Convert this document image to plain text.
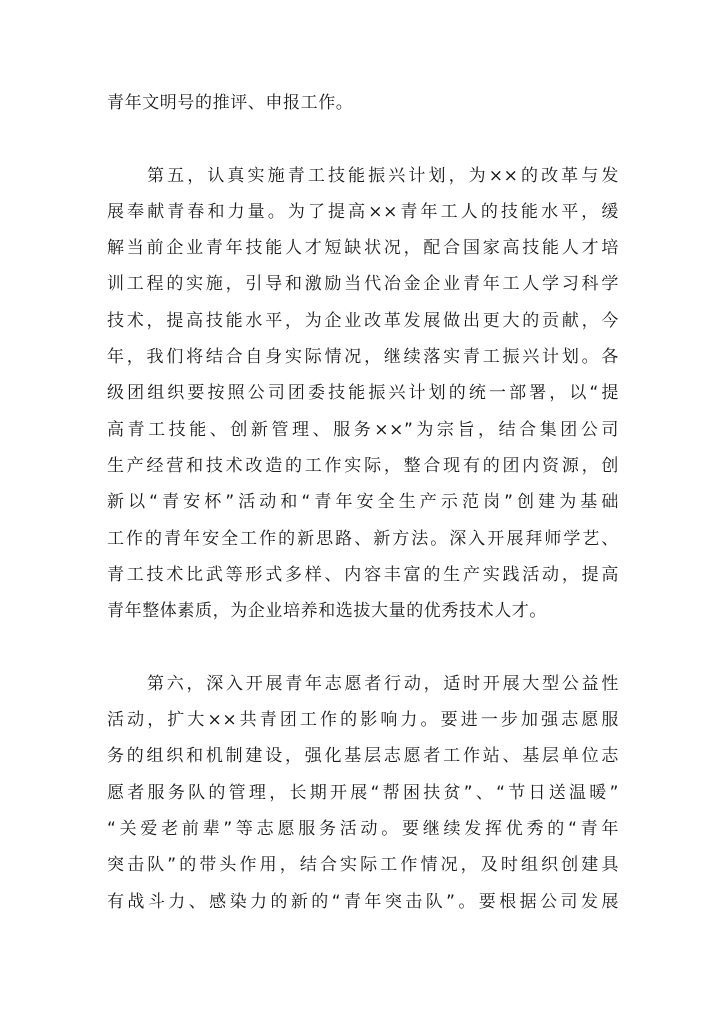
青年文明号的推评、申报工作。
第五，认真实施青工技能振兴计划，为××的改革与发
展奉献青春和力量。为了提高××青年工人的技能水平，缓
解当前企业青年技能人才短缺状况，配合国家高技能人才培
训工程的实施，引导和激励当代冶金企业青年工人学习科学
技术，提高技能水平，为企业改革发展做出更大的贡献，今
年，我们将结合自身实际情况，继续落实青工振兴计划。各
级团组织要按照公司团委技能振兴计划的统一部署，以“提
高青工技能、创新管理、服务××”为宗旨，结合集团公司
生产经营和技术改造的工作实际，整合现有的团内资源，创
新以“青安杯”活动和“青年安全生产示范岗”创建为基础
工作的青年安全工作的新思路、新方法。深入开展拜师学艺、
青工技术比武等形式多样、内容丰富的生产实践活动，提高
青年整体素质，为企业培养和选拔大量的优秀技术人才。
第六，深入开展青年志愿者行动，适时开展大型公益性
活动，扩大××共青团工作的影响力。要进一步加强志愿服
务的组织和机制建设，强化基层志愿者工作站、基层单位志
愿者服务队的管理，长期开展“帮困扶贫”、“节日送温暖”
“关爱老前辈”等志愿服务活动。要继续发挥优秀的“青年
突击队”的带头作用，结合实际工作情况，及时组织创建具
有战斗力、感染力的新的“青年突击队”。要根据公司发展
